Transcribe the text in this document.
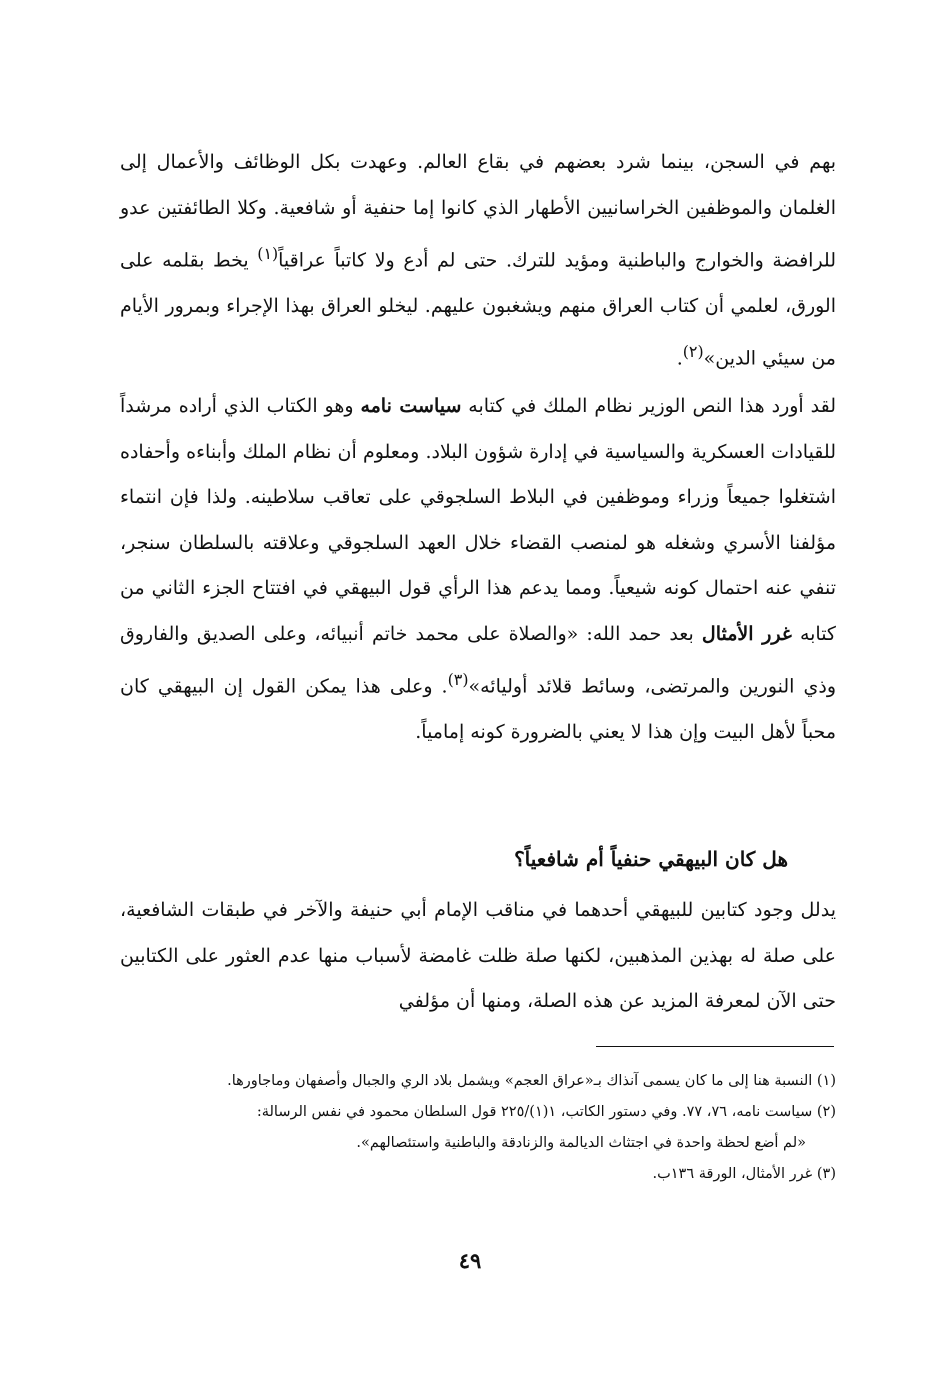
بهم في السجن، بينما شرد بعضهم في بقاع العالم. وعهدت بكل الوظائف والأعمال إلى الغلمان والموظفين الخراسانيين الأطهار الذي كانوا إما حنفية أو شافعية. وكلا الطائفتين عدو للرافضة والخوارج والباطنية ومؤيد للترك. حتى لم أدع ولا كاتباً عراقياً$^{(١)}$ يخط بقلمه على الورق، لعلمي أن كتاب العراق منهم ويشغبون عليهم. ليخلو العراق بهذا الإجراء وبمرور الأيام من سيئي الدين»$^{(٢)}$.

لقد أورد هذا النص الوزير نظام الملك في كتابه سياست نامه وهو الكتاب الذي أراده مرشداً للقيادات العسكرية والسياسية في إدارة شؤون البلاد. ومعلوم أن نظام الملك وأبناءه وأحفاده اشتغلوا جميعاً وزراء وموظفين في البلاط السلجوقي على تعاقب سلاطينه. ولذا فإن انتماء مؤلفنا الأسري وشغله هو لمنصب القضاء خلال العهد السلجوقي وعلاقته بالسلطان سنجر، تنفي عنه احتمال كونه شيعياً. ومما يدعم هذا الرأي قول البيهقي في افتتاح الجزء الثاني من كتابه غرر الأمثال بعد حمد الله: «والصلاة على محمد خاتم أنبيائه، وعلى الصديق والفاروق وذي النورين والمرتضى، وسائط قلائد أوليائه»$^{(٣)}$. وعلى هذا يمكن القول إن البيهقي كان محباً لأهل البيت وإن هذا لا يعني بالضرورة كونه إمامياً.

هل كان البيهقي حنفياً أم شافعياً؟

يدلل وجود كتابين للبيهقي أحدهما في مناقب الإمام أبي حنيفة والآخر في طبقات الشافعية، على صلة له بهذين المذهبين، لكنها صلة ظلت غامضة لأسباب منها عدم العثور على الكتابين حتى الآن لمعرفة المزيد عن هذه الصلة، ومنها أن مؤلفي

(١) النسبة هنا إلى ما كان يسمى آنذاك بـ«عراق العجم» ويشمل بلاد الري والجبال وأصفهان وماجاورها.

(٢) سياست نامه، ٧٦، ٧٧. وفي دستور الكاتب، ١(١)/٢٢٥ قول السلطان محمود في نفس الرسالة:

«لم أضع لحظة واحدة في اجتثاث الديالمة والزنادقة والباطنية واستئصالهم».

(٣) غرر الأمثال، الورقة ١٣٦ب.

٤٩
